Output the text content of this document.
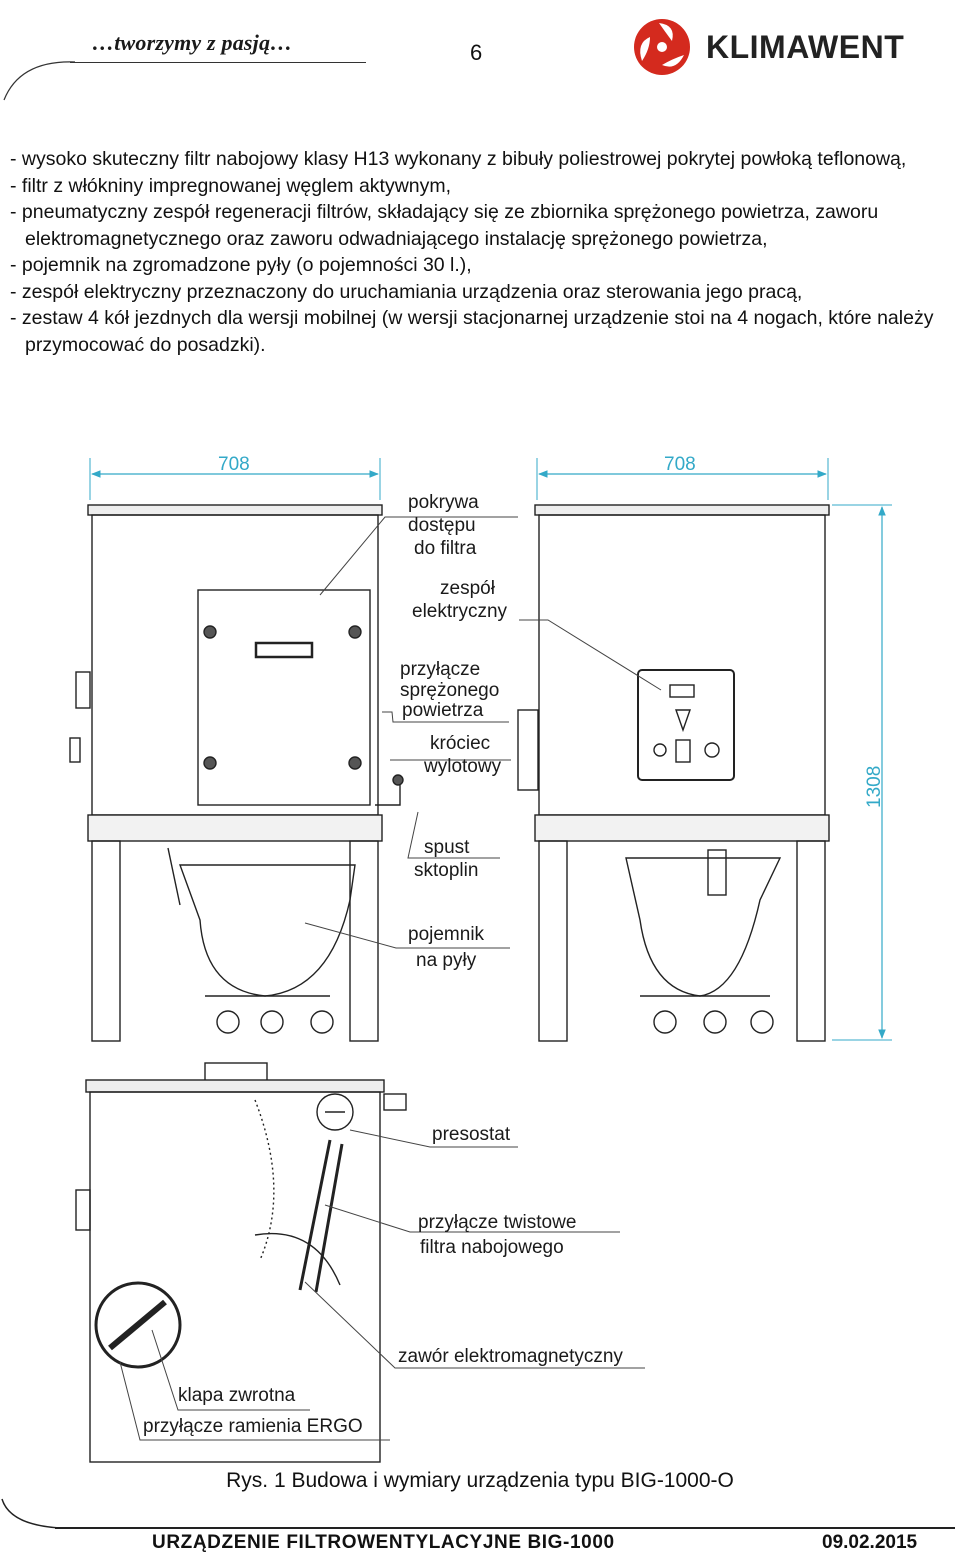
…tworzymy z pasją…	6	KLIMAWENT
- wysoko skuteczny filtr nabojowy klasy H13 wykonany z bibuły poliestrowej pokrytej powłoką teflonową,
- filtr z włókniny impregnowanej węglem aktywnym,
- pneumatyczny zespół regeneracji filtrów, składający się ze zbiornika sprężonego powietrza, zaworu elektromagnetycznego oraz zaworu odwadniającego instalację sprężonego powietrza,
- pojemnik na zgromadzone pyły (o pojemności 30 l.),
- zespół elektryczny przeznaczony do uruchamiania urządzenia oraz sterowania jego pracą,
- zestaw 4 kół jezdnych dla wersji mobilnej (w wersji stacjonarnej urządzenie stoi na 4 nogach, które należy przymocować do posadzki).
708	708
1308
pokrywa
dostępu
do filtra
zespół
elektryczny
przyłącze
sprężonego
powietrza
króciec
wylotowy
spust
sktoplin
pojemnik
na pyły
presostat
przyłącze twistowe
filtra nabojowego
zawór elektromagnetyczny
klapa zwrotna
przyłącze ramienia ERGO
Rys. 1 Budowa i wymiary urządzenia typu BIG-1000-O
URZĄDZENIE FILTROWENTYLACYJNE BIG-1000	09.02.2015
